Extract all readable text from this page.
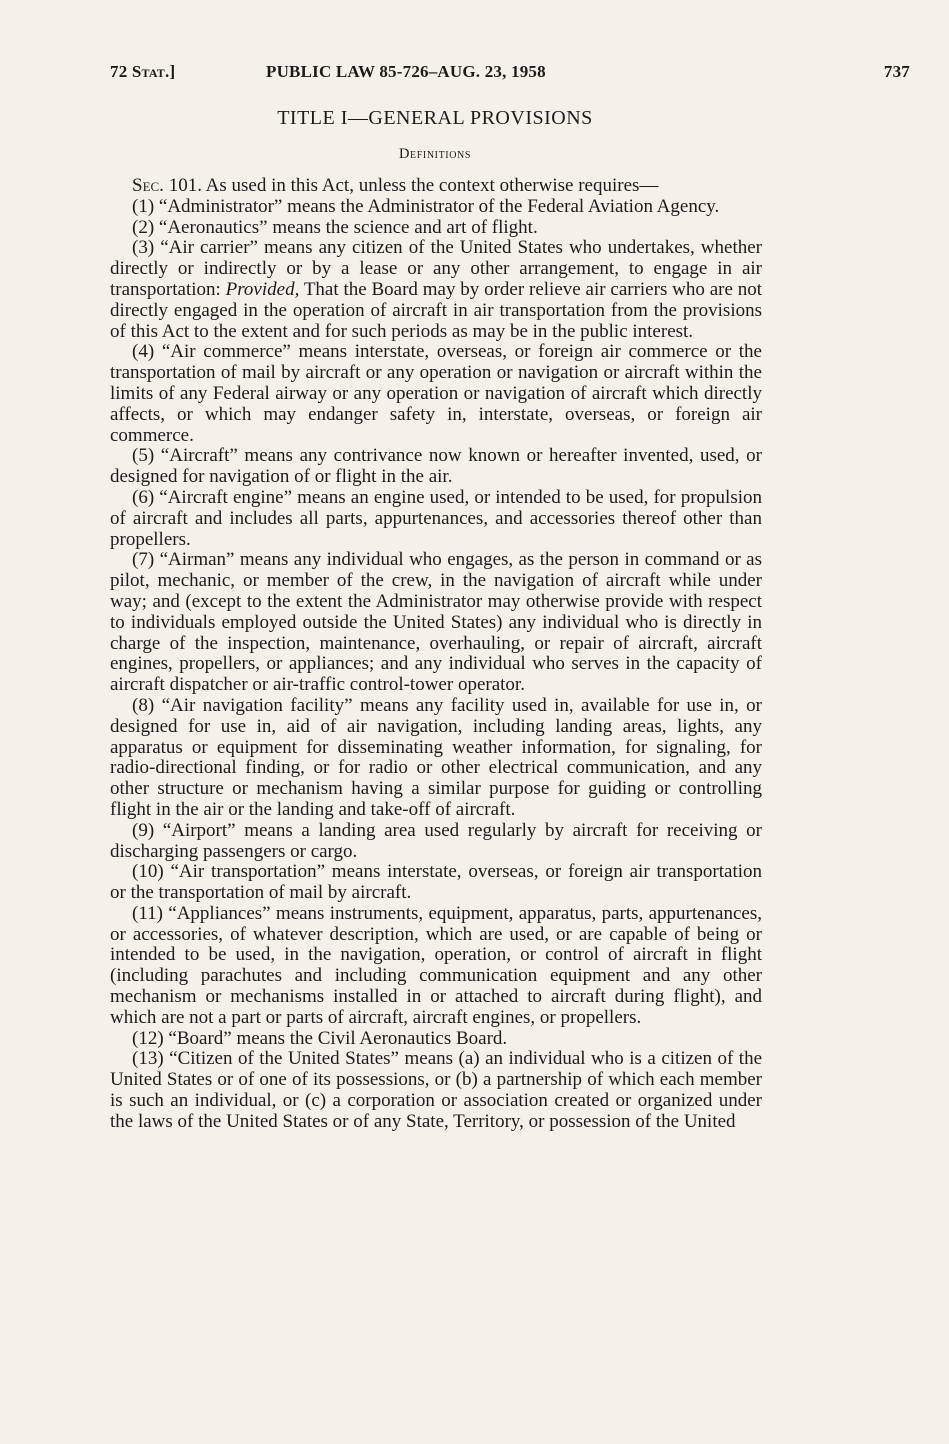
72 Stat.]	PUBLIC LAW 85-726–AUG. 23, 1958	737
TITLE I—GENERAL PROVISIONS
Definitions

Sec. 101. As used in this Act, unless the context otherwise requires—

(1) “Administrator” means the Administrator of the Federal Aviation Agency.

(2) “Aeronautics” means the science and art of flight.

(3) “Air carrier” means any citizen of the United States who undertakes, whether directly or indirectly or by a lease or any other arrangement, to engage in air transportation: Provided, That the Board may by order relieve air carriers who are not directly engaged in the operation of aircraft in air transportation from the provisions of this Act to the extent and for such periods as may be in the public interest.

(4) “Air commerce” means interstate, overseas, or foreign air commerce or the transportation of mail by aircraft or any operation or navigation or aircraft within the limits of any Federal airway or any operation or navigation of aircraft which directly affects, or which may endanger safety in, interstate, overseas, or foreign air commerce.

(5) “Aircraft” means any contrivance now known or hereafter invented, used, or designed for navigation of or flight in the air.

(6) “Aircraft engine” means an engine used, or intended to be used, for propulsion of aircraft and includes all parts, appurtenances, and accessories thereof other than propellers.

(7) “Airman” means any individual who engages, as the person in command or as pilot, mechanic, or member of the crew, in the navigation of aircraft while under way; and (except to the extent the Administrator may otherwise provide with respect to individuals employed outside the United States) any individual who is directly in charge of the inspection, maintenance, overhauling, or repair of aircraft, aircraft engines, propellers, or appliances; and any individual who serves in the capacity of aircraft dispatcher or air-traffic control-tower operator.

(8) “Air navigation facility” means any facility used in, available for use in, or designed for use in, aid of air navigation, including landing areas, lights, any apparatus or equipment for disseminating weather information, for signaling, for radio-directional finding, or for radio or other electrical communication, and any other structure or mechanism having a similar purpose for guiding or controlling flight in the air or the landing and take-off of aircraft.

(9) “Airport” means a landing area used regularly by aircraft for receiving or discharging passengers or cargo.

(10) “Air transportation” means interstate, overseas, or foreign air transportation or the transportation of mail by aircraft.

(11) “Appliances” means instruments, equipment, apparatus, parts, appurtenances, or accessories, of whatever description, which are used, or are capable of being or intended to be used, in the navigation, operation, or control of aircraft in flight (including parachutes and including communication equipment and any other mechanism or mechanisms installed in or attached to aircraft during flight), and which are not a part or parts of aircraft, aircraft engines, or propellers.

(12) “Board” means the Civil Aeronautics Board.

(13) “Citizen of the United States” means (a) an individual who is a citizen of the United States or of one of its possessions, or (b) a partnership of which each member is such an individual, or (c) a corporation or association created or organized under the laws of the United States or of any State, Territory, or possession of the United
